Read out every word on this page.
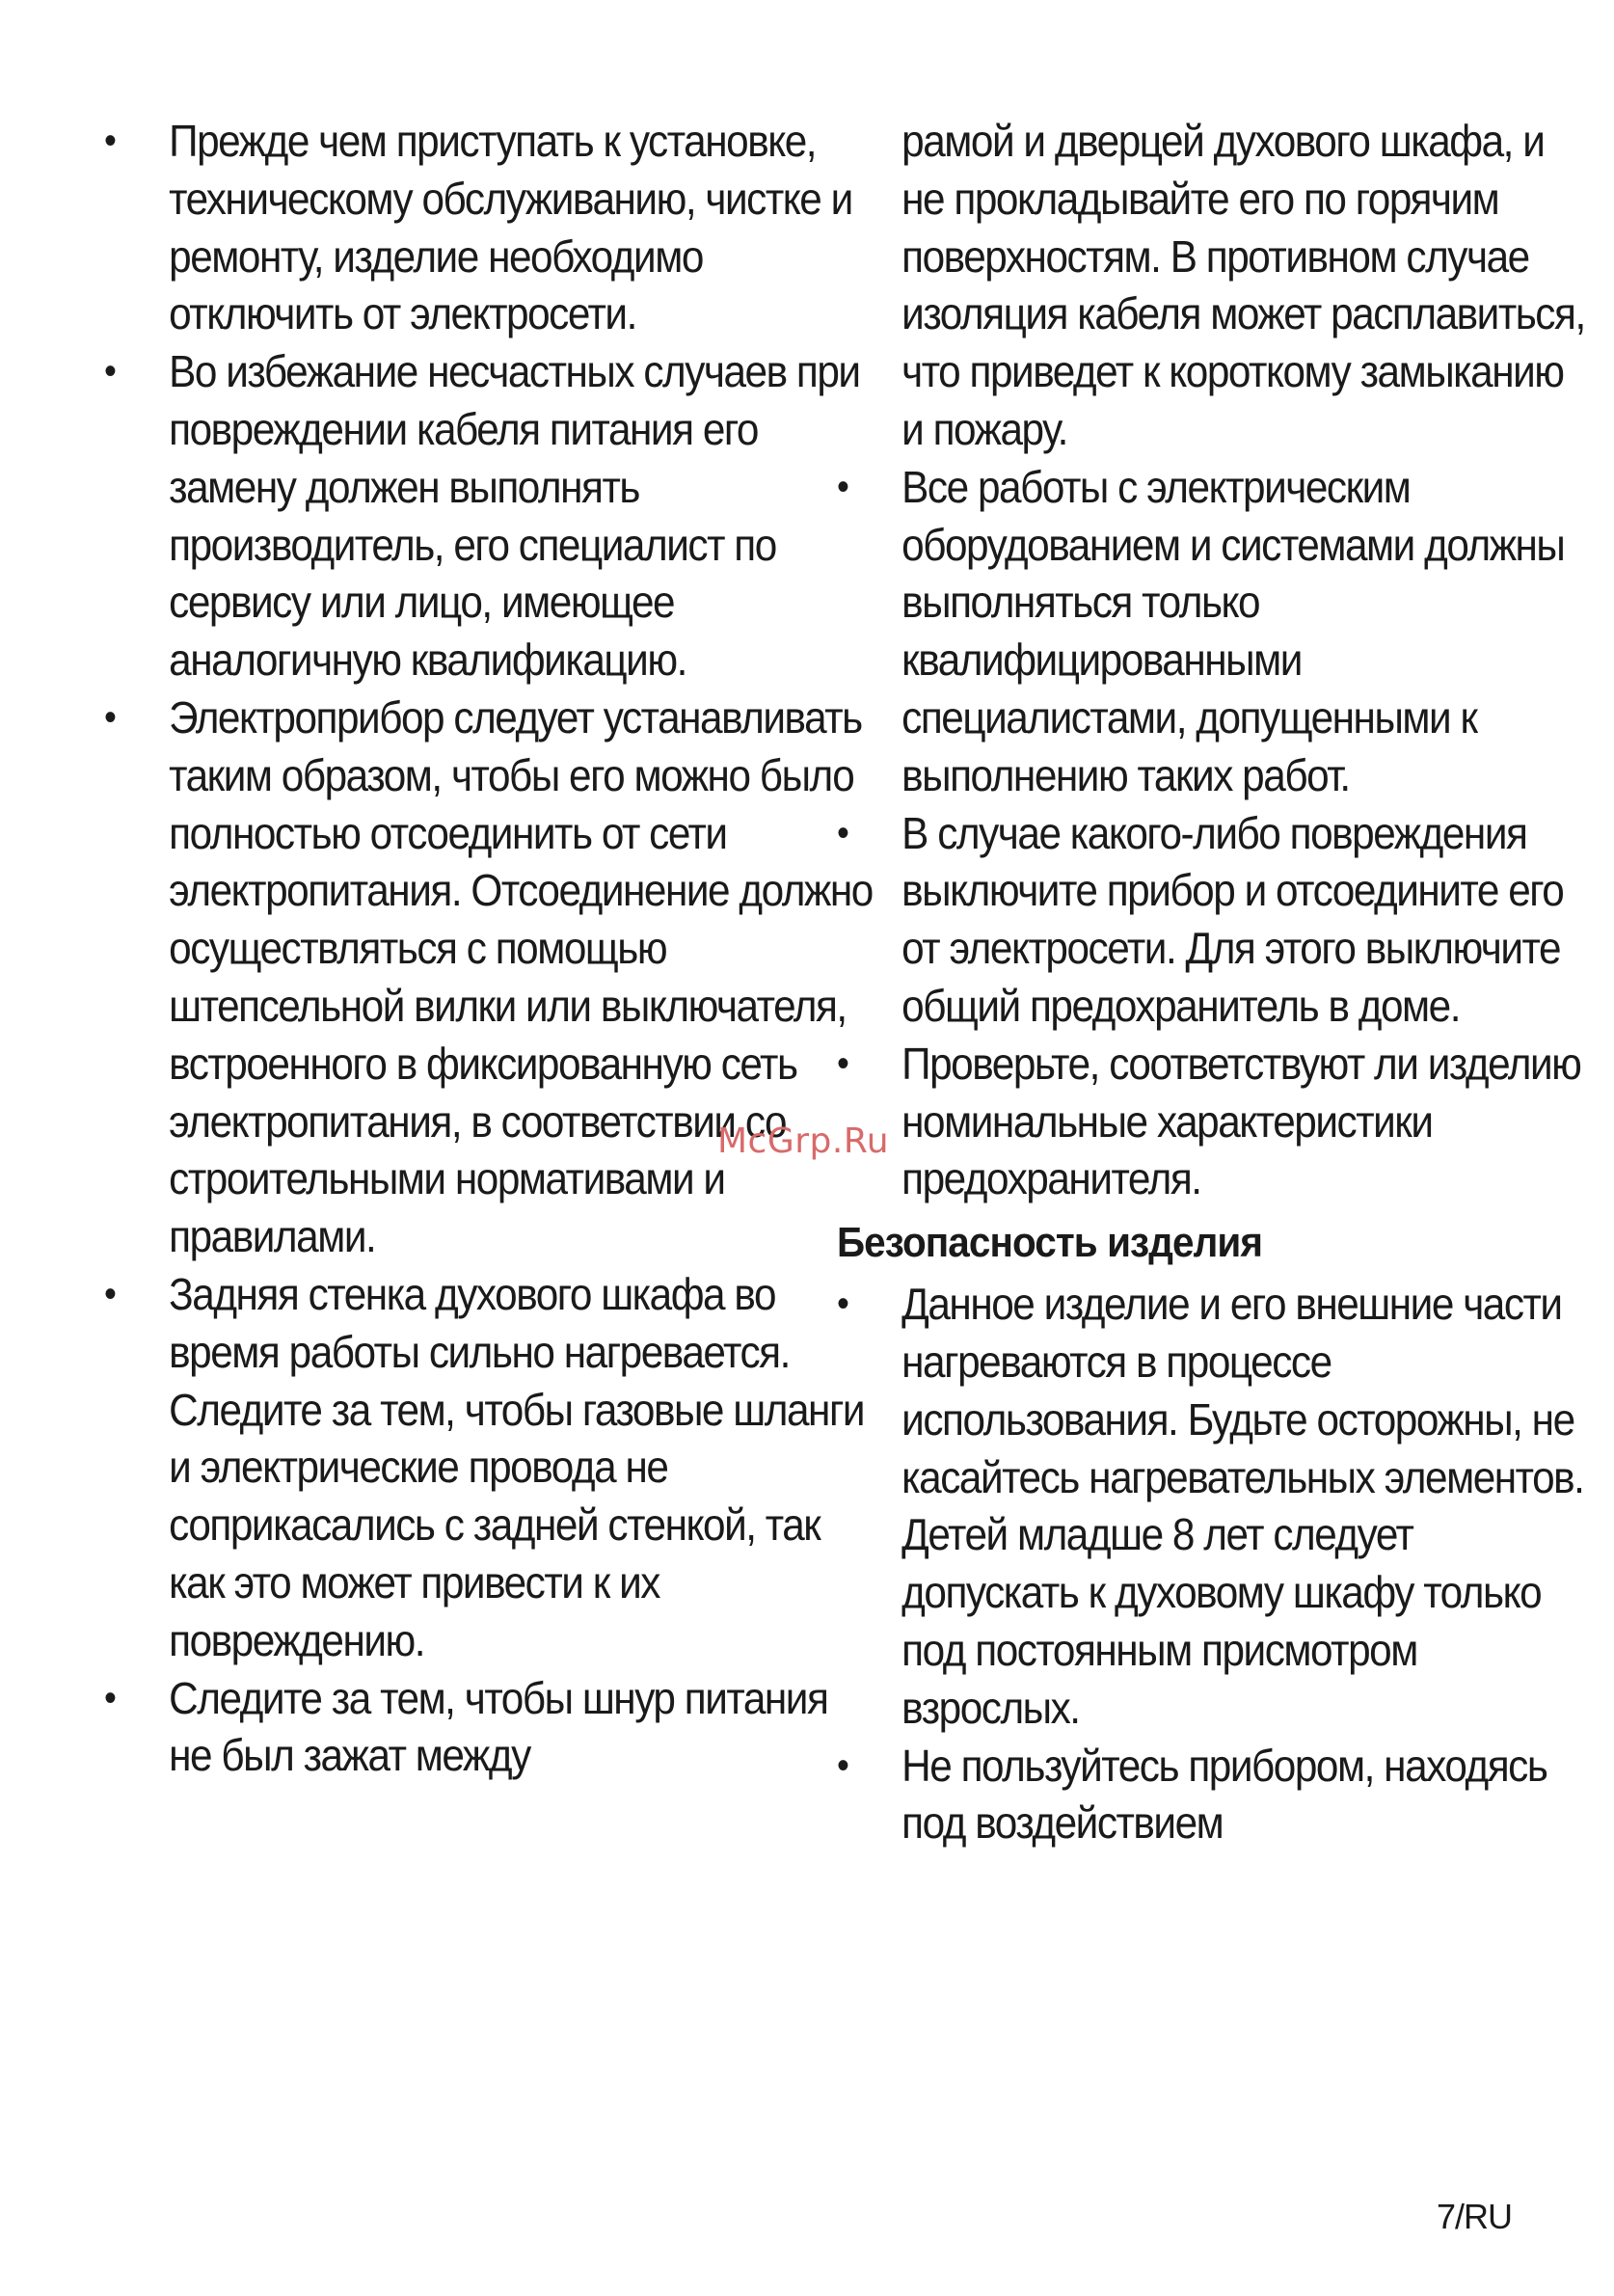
•	Прежде чем приступать к установке, техническому обслуживанию, чистке и ремонту, изделие необходимо отключить от электросети.
•	Во избежание несчастных случаев при повреждении кабеля питания его замену должен выполнять производитель, его специалист по сервису или лицо, имеющее аналогичную квалификацию.
•	Электроприбор следует устанавливать таким образом, чтобы его можно было полностью отсоединить от сети электропитания. Отсоединение должно осуществляться с помощью штепсельной вилки или выключателя, встроенного в фиксированную сеть электропитания, в соответствии со строительными нормативами и правилами.
•	Задняя стенка духового шкафа во время работы сильно нагревается. Следите за тем, чтобы газовые шланги и электрические провода не соприкасались с задней стенкой, так как это может привести к их повреждению.
•	Следите за тем, чтобы шнур питания не был зажат между
рамой и дверцей духового шкафа, и не прокладывайте его по горячим поверхностям. В противном случае изоляция кабеля может расплавиться, что приведет к короткому замыканию и пожару.
•	Все работы с электрическим оборудованием и системами должны выполняться только квалифицированными специалистами, допущенными к выполнению таких работ.
•	В случае какого-либо повреждения выключите прибор и отсоедините его от электросети. Для этого выключите общий предохранитель в доме.
•	Проверьте, соответствуют ли изделию номинальные характеристики предохранителя.
Безопасность изделия
•	Данное изделие и его внешние части нагреваются в процессе использования. Будьте осторожны, не касайтесь нагревательных элементов. Детей младше 8 лет следует допускать к духовому шкафу только под постоянным присмотром взрослых.
•	Не пользуйтесь прибором, находясь под воздействием
McGrp.Ru
7/RU
